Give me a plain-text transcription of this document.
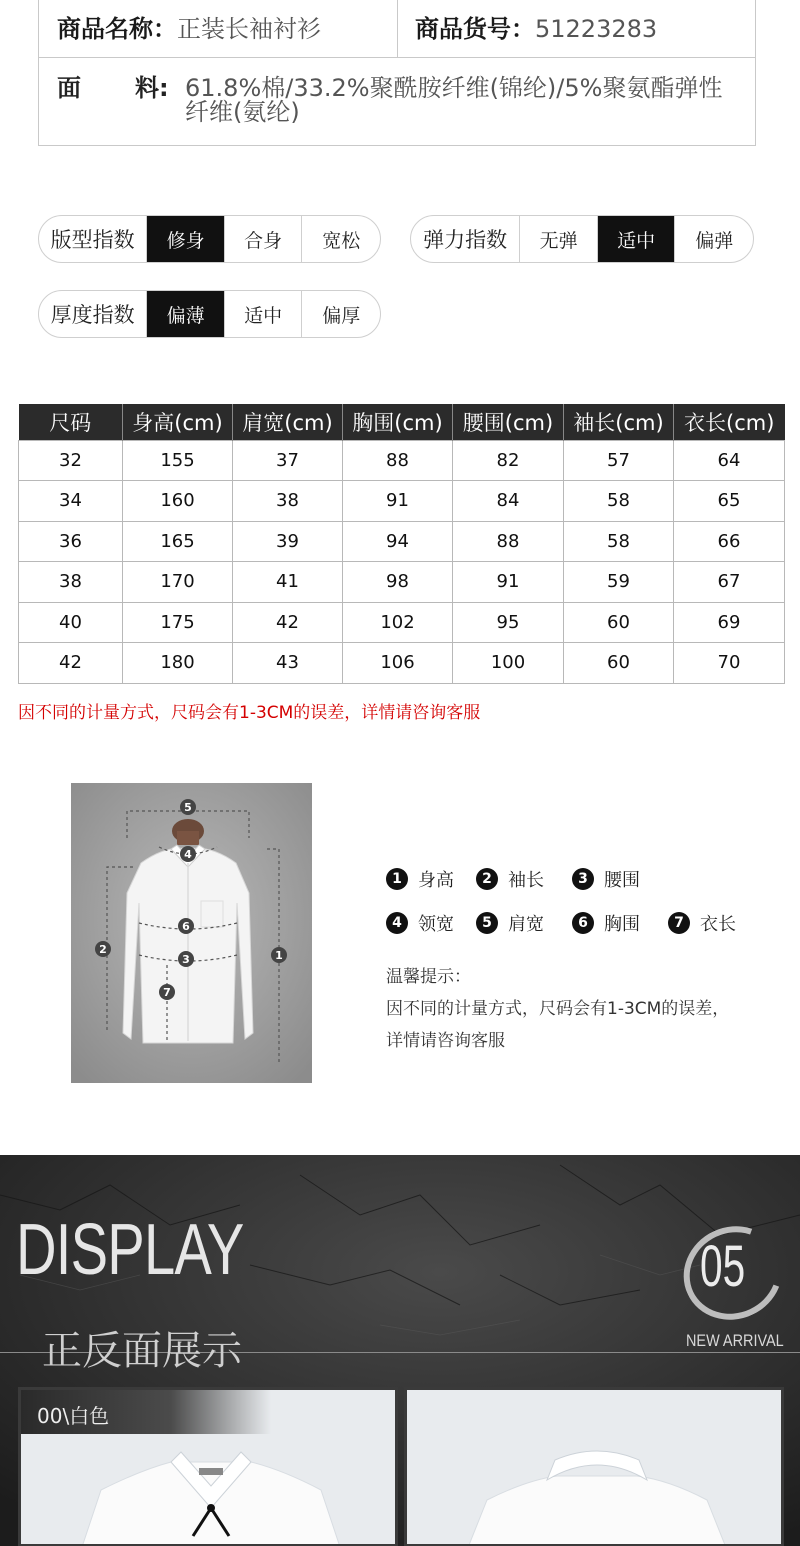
商品名称：正装长袖衬衫	商品货号：51223283
面 料: 61.8%棉/33.2%聚酰胺纤维(锦纶)/5%聚氨酯弹性纤维(氨纶)
版型指数	修身	合身	宽松	弹力指数	无弹	适中	偏弹
厚度指数	偏薄	适中	偏厚
尺码	身高(cm)	肩宽(cm)	胸围(cm)	腰围(cm)	袖长(cm)	衣长(cm)
32	155	37	88	82	57	64
34	160	38	91	84	58	65
36	165	39	94	88	58	66
38	170	41	98	91	59	67
40	175	42	102	95	60	69
42	180	43	106	100	60	70
因不同的计量方式，尺码会有1-3CM的误差，详情请咨询客服
5
4
6
3
2	1
7
1 身高	2 袖长	3 腰围
4 领宽	5 肩宽	6 胸围	7 衣长
温馨提示：
因不同的计量方式，尺码会有1-3CM的误差，
详情请咨询客服
DISPLAY	05
NEW ARRIVAL
正反面展示
00\白色
